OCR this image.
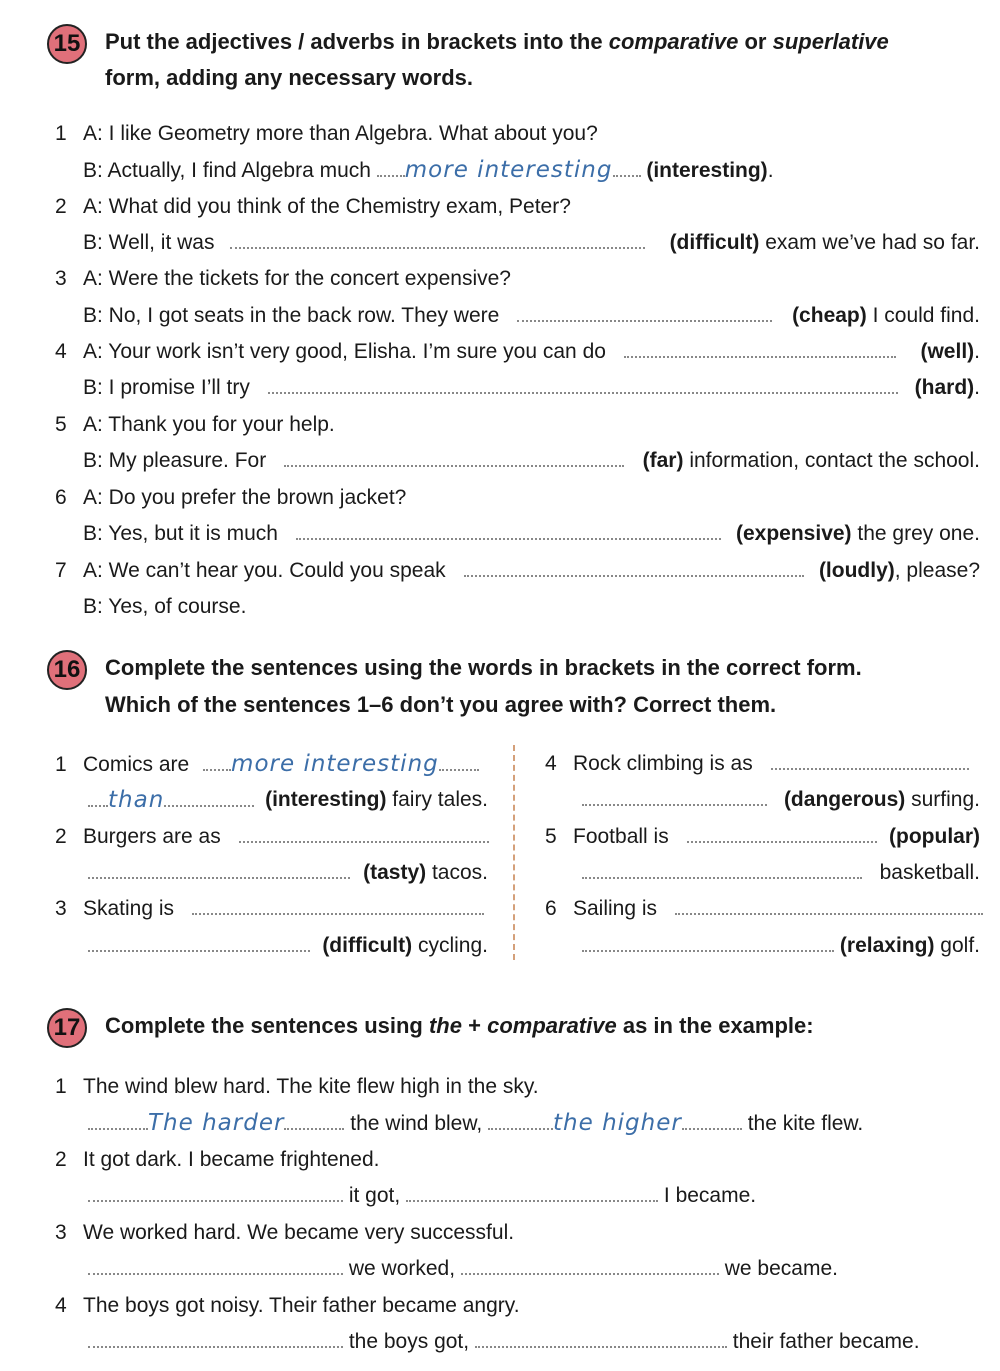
15	Put the adjectives / adverbs in brackets into the comparative or superlative
form, adding any necessary words.
1 A: I like Geometry more than Algebra. What about you?
B: Actually, I find Algebra much more interesting (interesting).
2 A: What did you think of the Chemistry exam, Peter?
B: Well, it was	(difficult) exam we’ve had so far.
3 A: Were the tickets for the concert expensive?
B: No, I got seats in the back row. They were	(cheap) I could find.
4 A: Your work isn’t very good, Elisha. I’m sure you can do	(well).
B: I promise I’ll try	(hard).
5 A: Thank you for your help.
B: My pleasure. For	(far) information, contact the school.
6 A: Do you prefer the brown jacket?
B: Yes, but it is much	(expensive) the grey one.
7 A: We can’t hear you. Could you speak	(loudly), please?
B: Yes, of course.
16	Complete the sentences using the words in brackets in the correct form.
Which of the sentences 1–6 don’t you agree with? Correct them.
1 Comics are more interesting
than	(interesting) fairy tales.
2 Burgers are as
(tasty) tacos.
3 Skating is
(difficult) cycling.
4 Rock climbing is as
(dangerous) surfing.
5 Football is	(popular)
basketball.
6 Sailing is
(relaxing) golf.
17	Complete the sentences using the + comparative as in the example:
1 The wind blew hard. The kite flew high in the sky.
The harder	the wind blew,	the higher	the kite flew.
2 It got dark. I became frightened.
it got,	I became.
3 We worked hard. We became very successful.
we worked,	we became.
4 The boys got noisy. Their father became angry.
the boys got,	their father became.
